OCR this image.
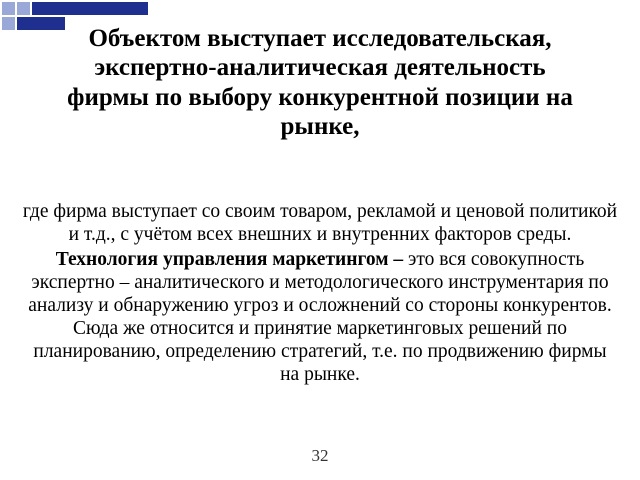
Объектом выступает исследовательская, экспертно-аналитическая деятельность фирмы по выбору конкурентной позиции на рынке,

где фирма выступает со своим товаром, рекламой и ценовой политикой и т.д., с учётом всех внешних и внутренних факторов среды.

Технология управления маркетингом – это вся совокупность экспертно – аналитического и методологического инструментария по анализу и обнаружению угроз и осложнений со стороны конкурентов. Сюда же относится и принятие маркетинговых решений по планированию, определению стратегий, т.е. по продвижению фирмы на рынке.

32
